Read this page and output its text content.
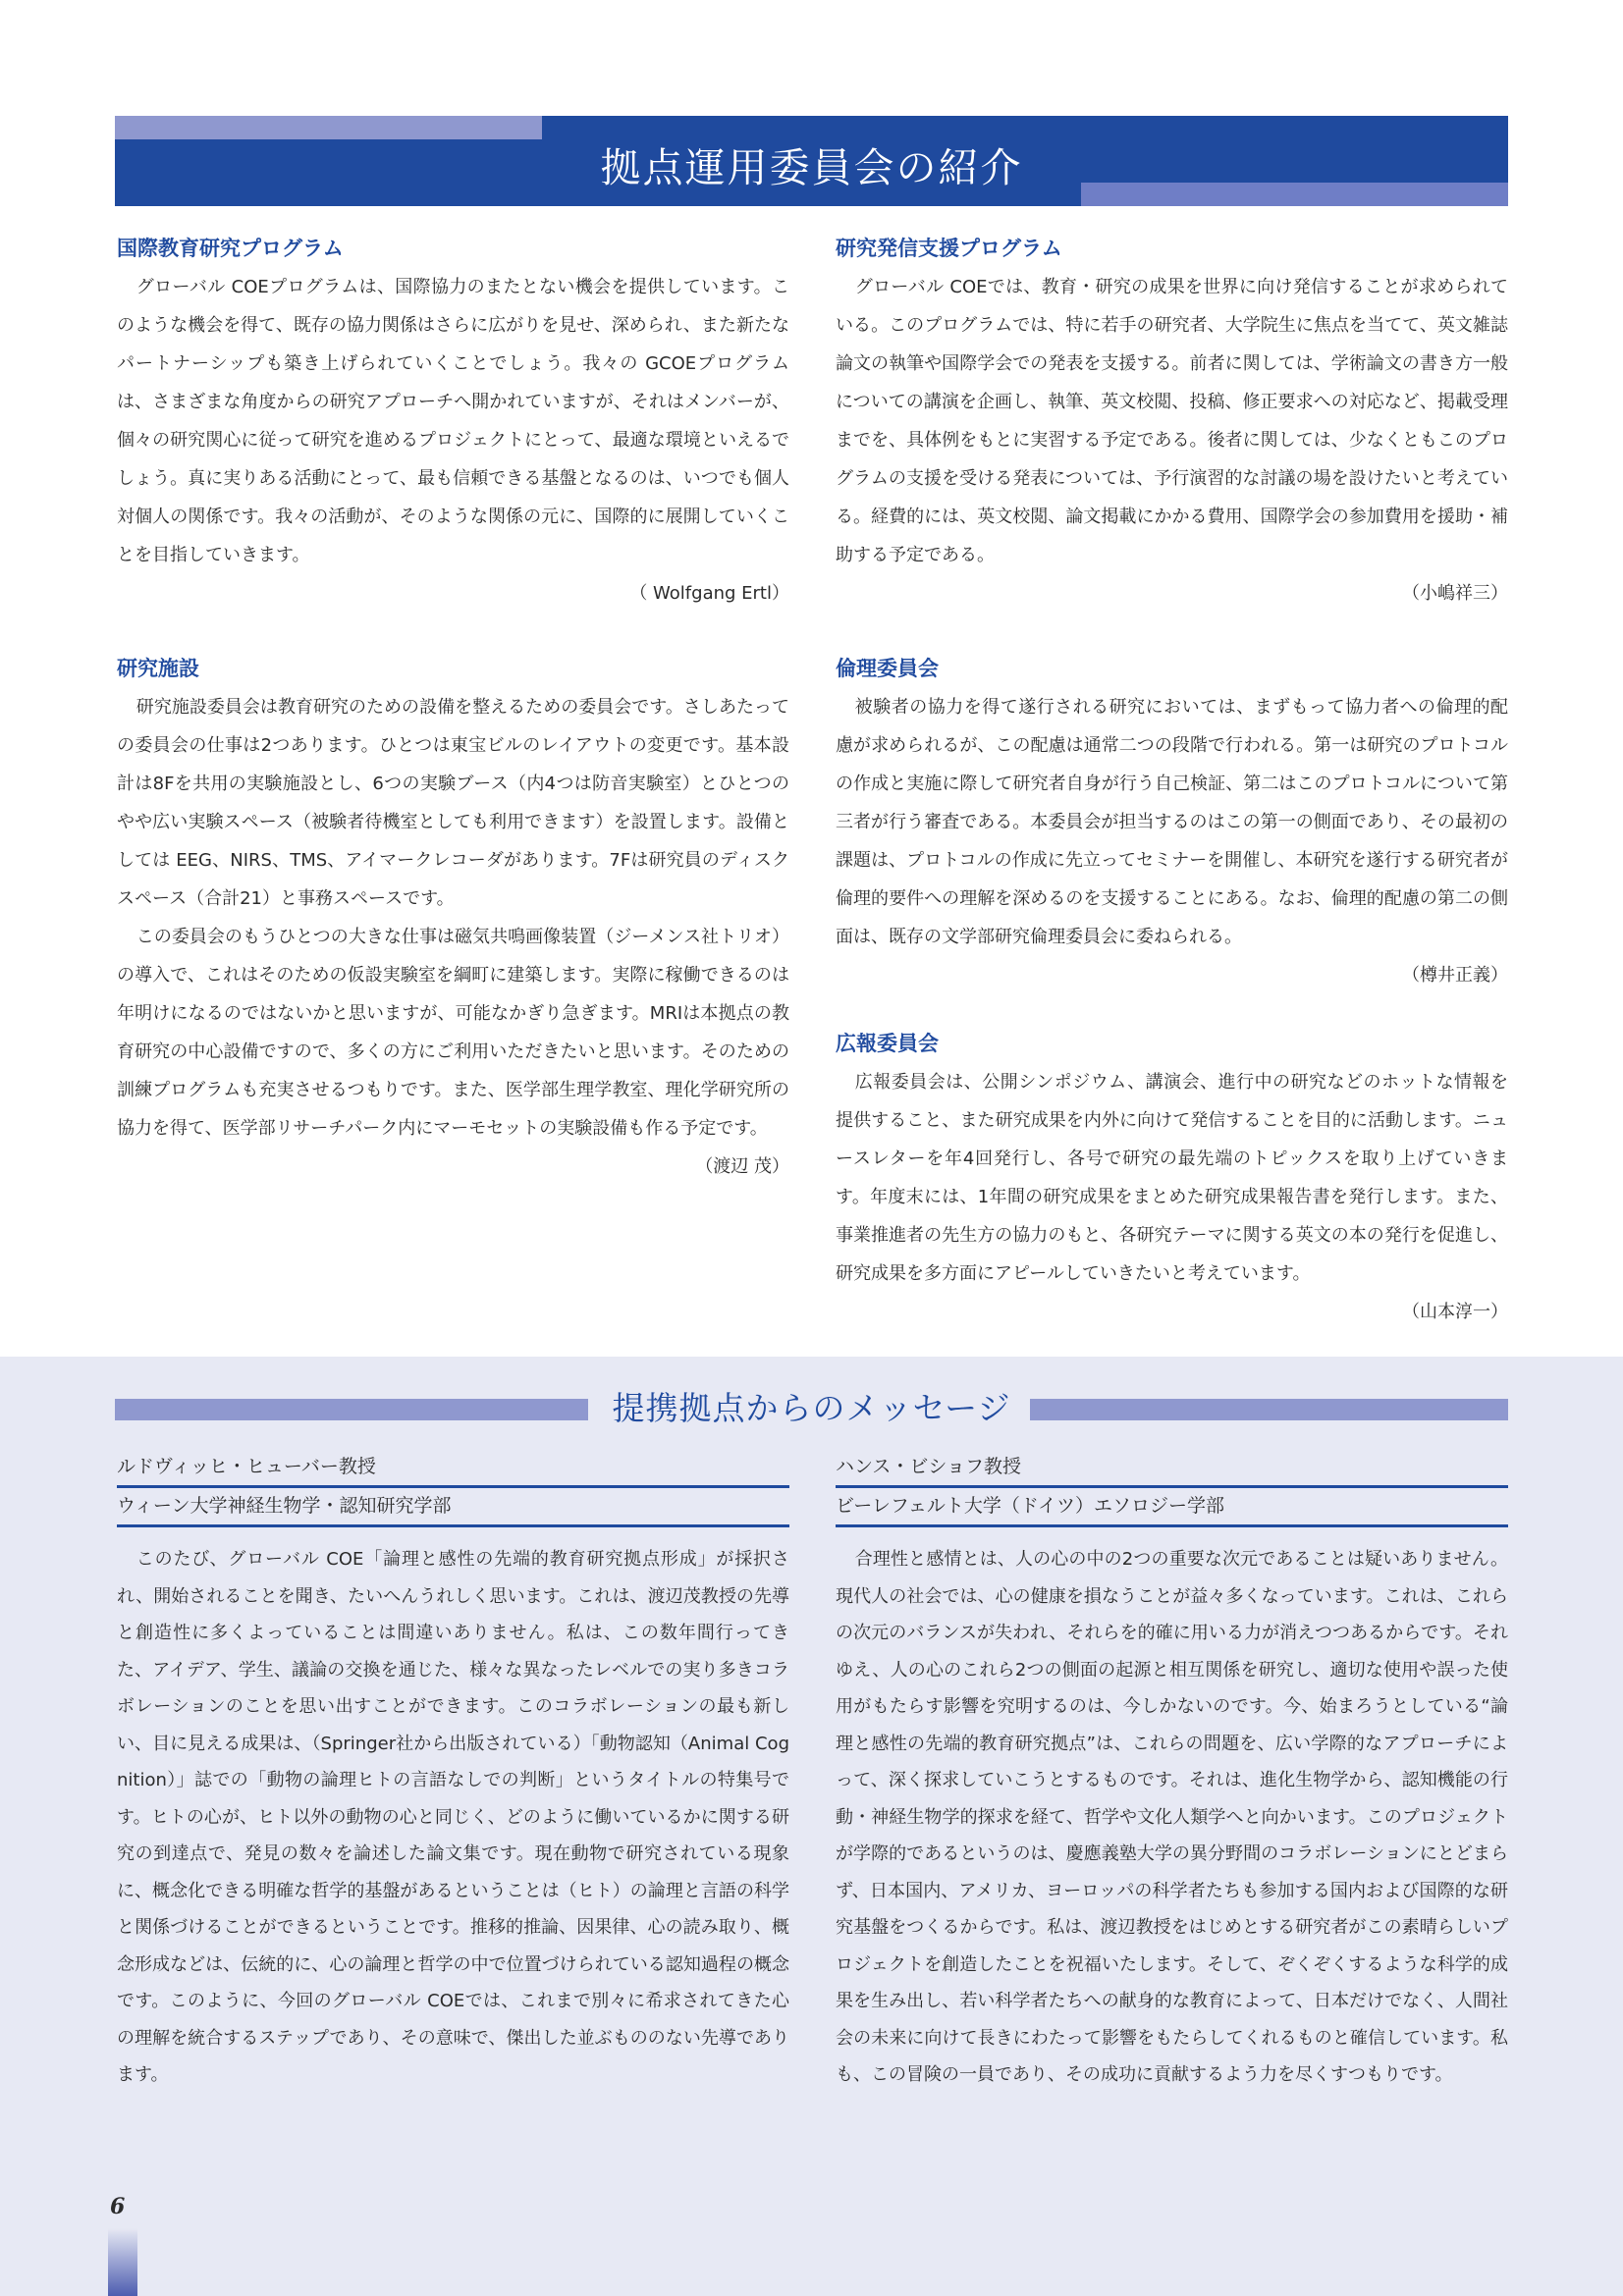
拠点運用委員会の紹介
国際教育研究プログラム

グローバル COEプログラムは、国際協力のまたとない機会を提供しています。このような機会を得て、既存の協力関係はさらに広がりを見せ、深められ、また新たなパートナーシップも築き上げられていくことでしょう。我々の GCOEプログラムは、さまざまな角度からの研究アプローチへ開かれていますが、それはメンバーが、個々の研究関心に従って研究を進めるプロジェクトにとって、最適な環境といえるでしょう。真に実りある活動にとって、最も信頼できる基盤となるのは、いつでも個人対個人の関係です。我々の活動が、そのような関係の元に、国際的に展開していくことを目指していきます。

（ Wolfgang Ertl）

研究施設

研究施設委員会は教育研究のための設備を整えるための委員会です。さしあたっての委員会の仕事は2つあります。ひとつは東宝ビルのレイアウトの変更です。基本設計は8Fを共用の実験施設とし、6つの実験ブース（内4つは防音実験室）とひとつのやや広い実験スペース（被験者待機室としても利用できます）を設置します。設備としては EEG、NIRS、TMS、アイマークレコーダがあります。7Fは研究員のディスクスペース（合計21）と事務スペースです。

この委員会のもうひとつの大きな仕事は磁気共鳴画像装置（ジーメンス社トリオ）の導入で、これはそのための仮設実験室を綱町に建築します。実際に稼働できるのは年明けになるのではないかと思いますが、可能なかぎり急ぎます。MRIは本拠点の教育研究の中心設備ですので、多くの方にご利用いただきたいと思います。そのための訓練プログラムも充実させるつもりです。また、医学部生理学教室、理化学研究所の協力を得て、医学部リサーチパーク内にマーモセットの実験設備も作る予定です。

（渡辺 茂）

研究発信支援プログラム

グローバル COEでは、教育・研究の成果を世界に向け発信することが求められている。このプログラムでは、特に若手の研究者、大学院生に焦点を当てて、英文雑誌論文の執筆や国際学会での発表を支援する。前者に関しては、学術論文の書き方一般についての講演を企画し、執筆、英文校閲、投稿、修正要求への対応など、掲載受理までを、具体例をもとに実習する予定である。後者に関しては、少なくともこのプログラムの支援を受ける発表については、予行演習的な討議の場を設けたいと考えている。経費的には、英文校閲、論文掲載にかかる費用、国際学会の参加費用を援助・補助する予定である。

（小嶋祥三）

倫理委員会

被験者の協力を得て遂行される研究においては、まずもって協力者への倫理的配慮が求められるが、この配慮は通常二つの段階で行われる。第一は研究のプロトコルの作成と実施に際して研究者自身が行う自己検証、第二はこのプロトコルについて第三者が行う審査である。本委員会が担当するのはこの第一の側面であり、その最初の課題は、プロトコルの作成に先立ってセミナーを開催し、本研究を遂行する研究者が倫理的要件への理解を深めるのを支援することにある。なお、倫理的配慮の第二の側面は、既存の文学部研究倫理委員会に委ねられる。

（樽井正義）

広報委員会

広報委員会は、公開シンポジウム、講演会、進行中の研究などのホットな情報を提供すること、また研究成果を内外に向けて発信することを目的に活動します。ニュースレターを年4回発行し、各号で研究の最先端のトピックスを取り上げていきます。年度末には、1年間の研究成果をまとめた研究成果報告書を発行します。また、事業推進者の先生方の協力のもと、各研究テーマに関する英文の本の発行を促進し、研究成果を多方面にアピールしていきたいと考えています。

（山本淳一）

提携拠点からのメッセージ

ルドヴィッヒ・ヒューバー教授

ウィーン大学神経生物学・認知研究学部

このたび、グローバル COE「論理と感性の先端的教育研究拠点形成」が採択され、開始されることを聞き、たいへんうれしく思います。これは、渡辺茂教授の先導と創造性に多くよっていることは間違いありません。私は、この数年間行ってきた、アイデア、学生、議論の交換を通じた、様々な異なったレベルでの実り多きコラボレーションのことを思い出すことができます。このコラボレーションの最も新しい、目に見える成果は、（Springer社から出版されている）「動物認知（Animal Cognition）」誌での「動物の論理ヒトの言語なしでの判断」というタイトルの特集号です。ヒトの心が、ヒト以外の動物の心と同じく、どのように働いているかに関する研究の到達点で、発見の数々を論述した論文集です。現在動物で研究されている現象に、概念化できる明確な哲学的基盤があるということは（ヒト）の論理と言語の科学と関係づけることができるということです。推移的推論、因果律、心の読み取り、概念形成などは、伝統的に、心の論理と哲学の中で位置づけられている認知過程の概念です。このように、今回のグローバル COEでは、これまで別々に希求されてきた心の理解を統合するステップであり、その意味で、傑出した並ぶもののない先導であります。

ハンス・ビショフ教授

ビーレフェルト大学（ドイツ）エソロジー学部

合理性と感情とは、人の心の中の2つの重要な次元であることは疑いありません。現代人の社会では、心の健康を損なうことが益々多くなっています。これは、これらの次元のバランスが失われ、それらを的確に用いる力が消えつつあるからです。それゆえ、人の心のこれら2つの側面の起源と相互関係を研究し、適切な使用や誤った使用がもたらす影響を究明するのは、今しかないのです。今、始まろうとしている“論理と感性の先端的教育研究拠点”は、これらの問題を、広い学際的なアプローチによって、深く探求していこうとするものです。それは、進化生物学から、認知機能の行動・神経生物学的探求を経て、哲学や文化人類学へと向かいます。このプロジェクトが学際的であるというのは、慶應義塾大学の異分野間のコラボレーションにとどまらず、日本国内、アメリカ、ヨーロッパの科学者たちも参加する国内および国際的な研究基盤をつくるからです。私は、渡辺教授をはじめとする研究者がこの素晴らしいプロジェクトを創造したことを祝福いたします。そして、ぞくぞくするような科学的成果を生み出し、若い科学者たちへの献身的な教育によって、日本だけでなく、人間社会の未来に向けて長きにわたって影響をもたらしてくれるものと確信しています。私も、この冒険の一員であり、その成功に貢献するよう力を尽くすつもりです。

6
